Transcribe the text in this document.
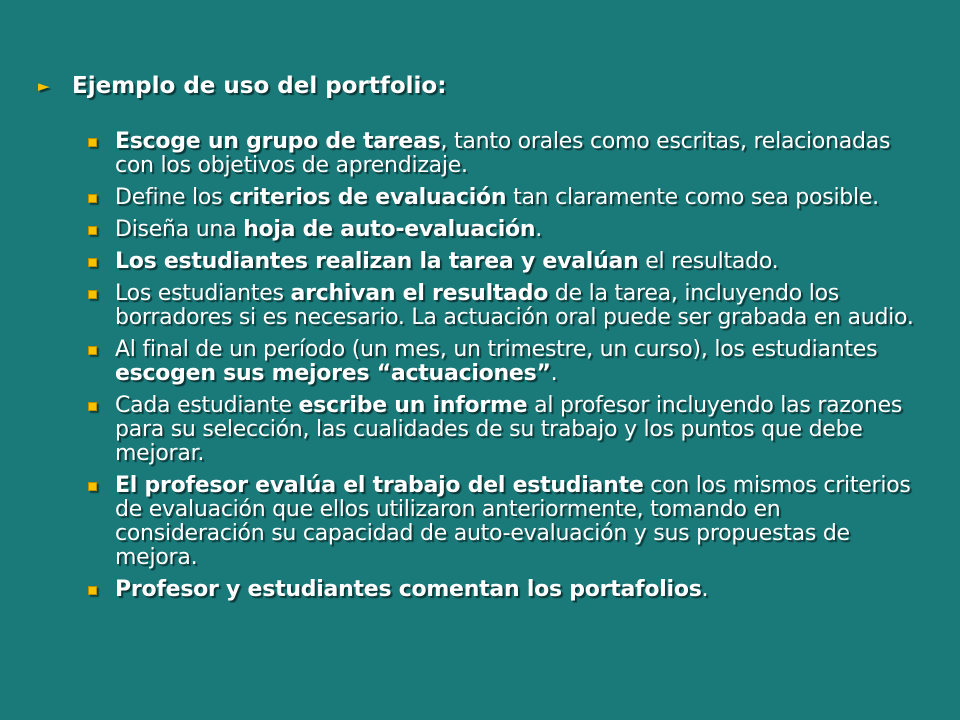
► Ejemplo de uso del portfolio:
Escoge un grupo de tareas, tanto orales como escritas, relacionadas con los objetivos de aprendizaje.
Define los criterios de evaluación tan claramente como sea posible.
Diseña una hoja de auto-evaluación.
Los estudiantes realizan la tarea y evalúan el resultado.
Los estudiantes archivan el resultado de la tarea, incluyendo los borradores si es necesario. La actuación oral puede ser grabada en audio.
Al final de un período (un mes, un trimestre, un curso), los estudiantes escogen sus mejores “actuaciones”.
Cada estudiante escribe un informe al profesor incluyendo las razones para su selección, las cualidades de su trabajo y los puntos que debe mejorar.
El profesor evalúa el trabajo del estudiante con los mismos criterios de evaluación que ellos utilizaron anteriormente, tomando en consideración su capacidad de auto-evaluación y sus propuestas de mejora.
Profesor y estudiantes comentan los portafolios.
